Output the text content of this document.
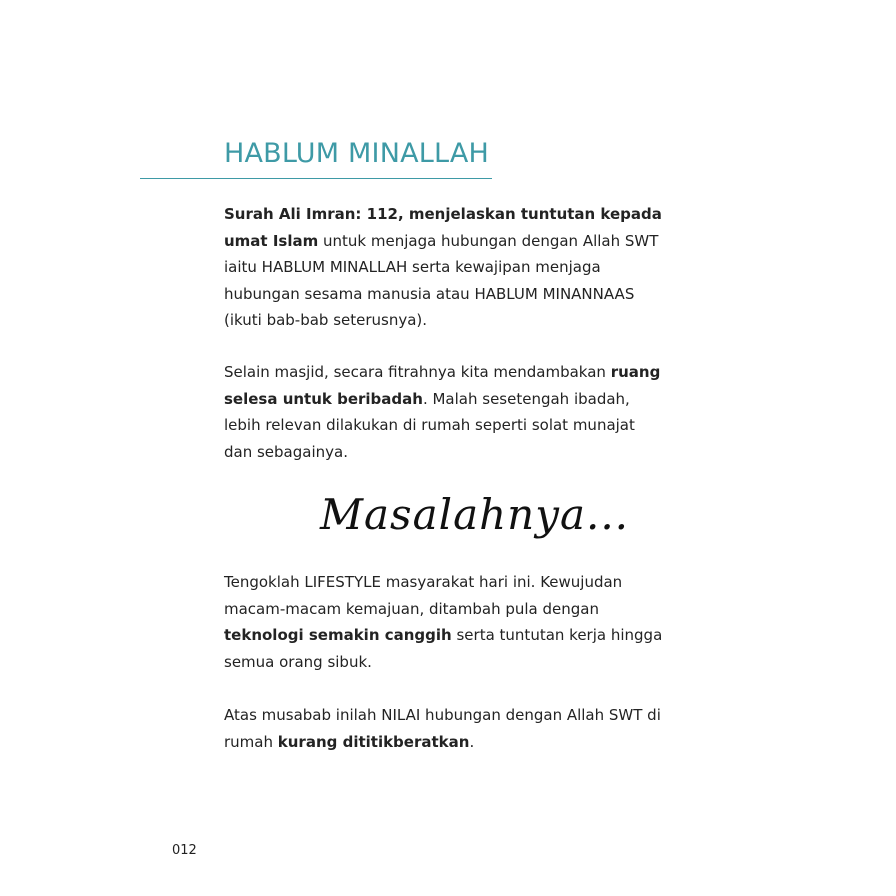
HABLUM MINALLAH

Surah Ali Imran: 112, menjelaskan tuntutan kepada umat Islam untuk menjaga hubungan dengan Allah SWT iaitu HABLUM MINALLAH serta kewajipan menjaga hubungan sesama manusia atau HABLUM MINANNAAS (ikuti bab-bab seterusnya).

Selain masjid, secara fitrahnya kita mendambakan ruang selesa untuk beribadah. Malah sesetengah ibadah, lebih relevan dilakukan di rumah seperti solat munajat dan sebagainya.

Masalahnya...

Tengoklah LIFESTYLE masyarakat hari ini. Kewujudan macam-macam kemajuan, ditambah pula dengan teknologi semakin canggih serta tuntutan kerja hingga semua orang sibuk.

Atas musabab inilah NILAI hubungan dengan Allah SWT di rumah kurang dititikberatkan.

012
